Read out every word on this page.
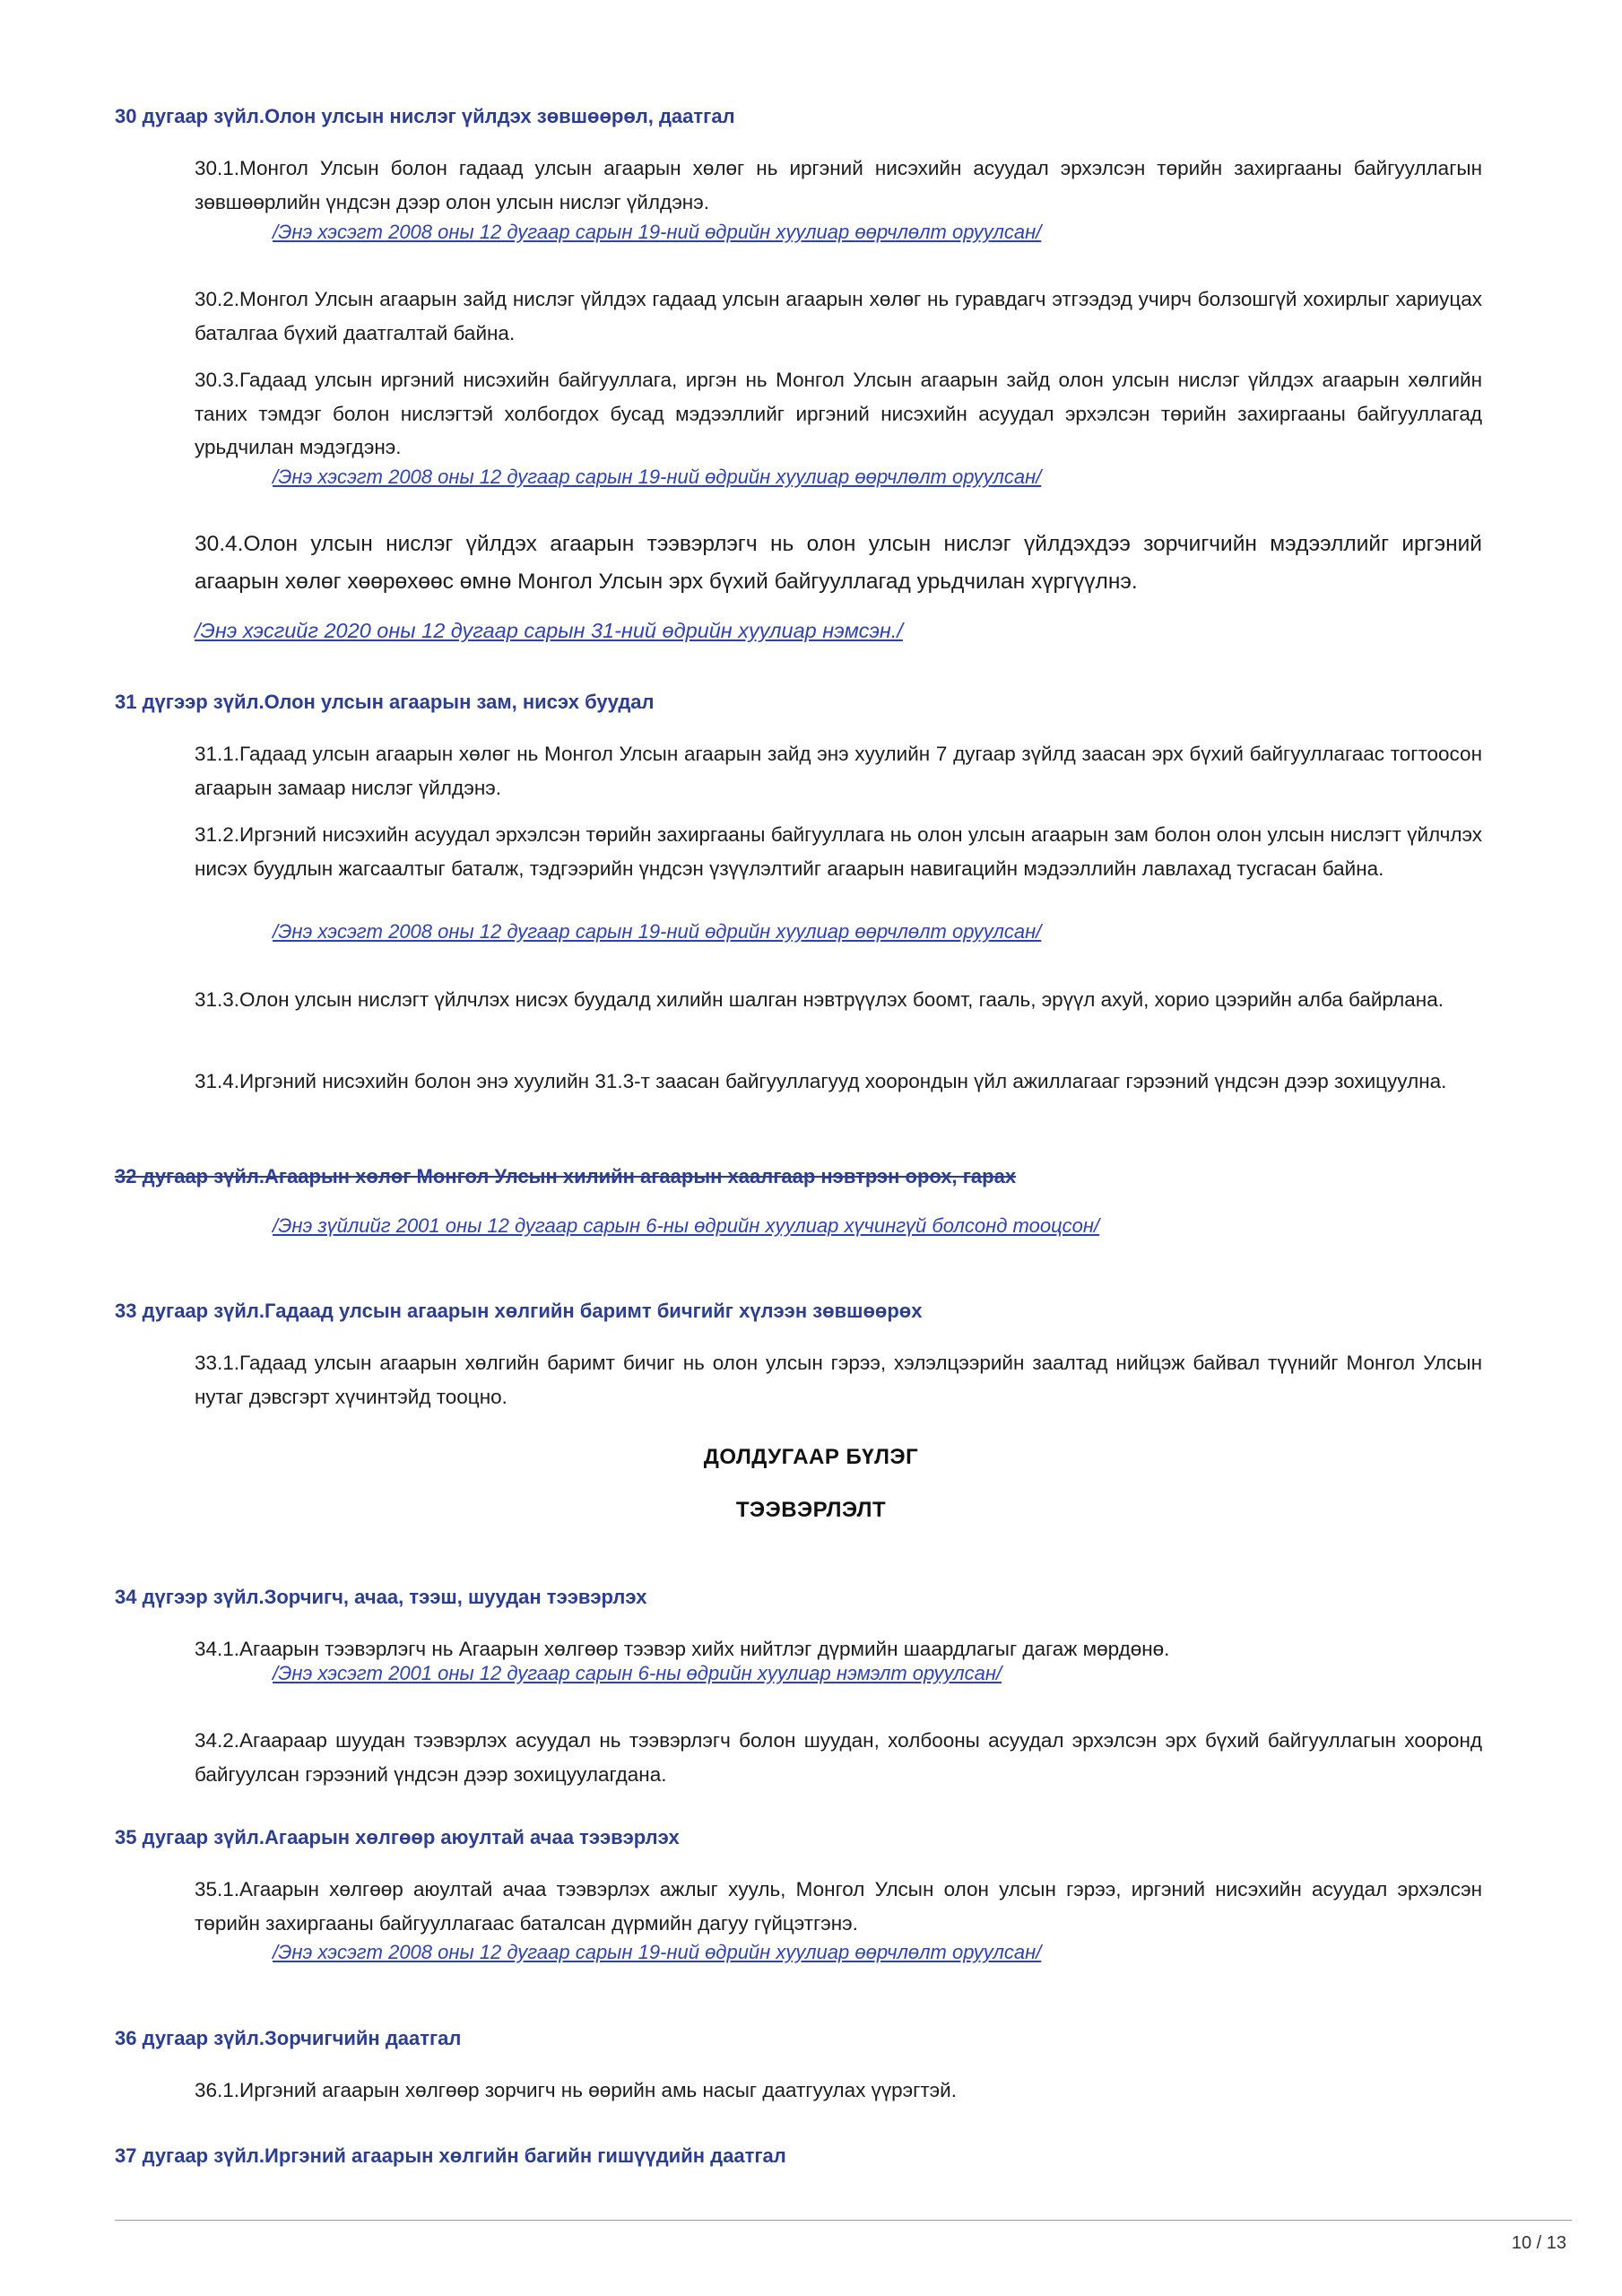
30 дугаар зүйл.Олон улсын нислэг үйлдэх зөвшөөрөл, даатгал

30.1.Монгол Улсын болон гадаад улсын агаарын хөлөг нь иргэний нисэхийн асуудал эрхэлсэн төрийн захиргааны байгууллагын зөвшөөрлийн үндсэн дээр олон улсын нислэг үйлдэнэ.

/Энэ хэсэгт 2008 оны 12 дугаар сарын 19-ний өдрийн хуулиар өөрчлөлт оруулсан/

30.2.Монгол Улсын агаарын зайд нислэг үйлдэх гадаад улсын агаарын хөлөг нь гуравдагч этгээдэд учирч болзошгүй хохирлыг хариуцах баталгаа бүхий даатгалтай байна.

30.3.Гадаад улсын иргэний нисэхийн байгууллага, иргэн нь Монгол Улсын агаарын зайд олон улсын нислэг үйлдэх агаарын хөлгийн таних тэмдэг болон нислэгтэй холбогдох бусад мэдээллийг иргэний нисэхийн асуудал эрхэлсэн төрийн захиргааны байгууллагад урьдчилан мэдэгдэнэ.

/Энэ хэсэгт 2008 оны 12 дугаар сарын 19-ний өдрийн хуулиар өөрчлөлт оруулсан/

30.4.Олон улсын нислэг үйлдэх агаарын тээвэрлэгч нь олон улсын нислэг үйлдэхдээ зорчигчийн мэдээллийг иргэний агаарын хөлөг хөөрөхөөс өмнө Монгол Улсын эрх бүхий байгууллагад урьдчилан хүргүүлнэ.

/Энэ хэсгийг 2020 оны 12 дугаар сарын 31-ний өдрийн хуулиар нэмсэн./
31 дүгээр зүйл.Олон улсын агаарын зам, нисэх буудал

31.1.Гадаад улсын агаарын хөлөг нь Монгол Улсын агаарын зайд энэ хуулийн 7 дугаар зүйлд заасан эрх бүхий байгууллагаас тогтоосон агаарын замаар нислэг үйлдэнэ.

31.2.Иргэний нисэхийн асуудал эрхэлсэн төрийн захиргааны байгууллага нь олон улсын агаарын зам болон олон улсын нислэгт үйлчлэх нисэх буудлын жагсаалтыг баталж, тэдгээрийн үндсэн үзүүлэлтийг агаарын навигацийн мэдээллийн лавлахад тусгасан байна.

/Энэ хэсэгт 2008 оны 12 дугаар сарын 19-ний өдрийн хуулиар өөрчлөлт оруулсан/

31.3.Олон улсын нислэгт үйлчлэх нисэх буудалд хилийн шалган нэвтрүүлэх боомт, гааль, эрүүл ахуй, хорио цээрийн алба байрлана.

31.4.Иргэний нисэхийн болон энэ хуулийн 31.3-т заасан байгууллагууд хоорондын үйл ажиллагааг гэрээний үндсэн дээр зохицуулна.

32 дугаар зүйл.Агаарын хөлөг Монгол Улсын хилийн агаарын хаалгаар нэвтрэн орох, гарах
/Энэ зүйлийг 2001 оны 12 дугаар сарын 6-ны өдрийн хуулиар хүчингүй болсонд тооцсон/
33 дугаар зүйл.Гадаад улсын агаарын хөлгийн баримт бичгийг хүлээн зөвшөөрөх

33.1.Гадаад улсын агаарын хөлгийн баримт бичиг нь олон улсын гэрээ, хэлэлцээрийн заалтад нийцэж байвал түүнийг Монгол Улсын нутаг дэвсгэрт хүчинтэйд тооцно.

ДОЛДУГААР БҮЛЭГ
ТЭЭВЭРЛЭЛТ
34 дүгээр зүйл.Зорчигч, ачаа, тээш, шуудан тээвэрлэх

34.1.Агаарын тээвэрлэгч нь Агаарын хөлгөөр тээвэр хийх нийтлэг дүрмийн шаардлагыг дагаж мөрдөнө.

/Энэ хэсэгт 2001 оны 12 дугаар сарын 6-ны өдрийн хуулиар нэмэлт оруулсан/

34.2.Агаараар шуудан тээвэрлэх асуудал нь тээвэрлэгч болон шуудан, холбооны асуудал эрхэлсэн эрх бүхий байгууллагын хооронд байгуулсан гэрээний үндсэн дээр зохицуулагдана.

35 дугаар зүйл.Агаарын хөлгөөр аюултай ачаа тээвэрлэх

35.1.Агаарын хөлгөөр аюултай ачаа тээвэрлэх ажлыг хууль, Монгол Улсын олон улсын гэрээ, иргэний нисэхийн асуудал эрхэлсэн төрийн захиргааны байгууллагаас баталсан дүрмийн дагуу гүйцэтгэнэ.

/Энэ хэсэгт 2008 оны 12 дугаар сарын 19-ний өдрийн хуулиар өөрчлөлт оруулсан/
36 дугаар зүйл.Зорчигчийн даатгал

36.1.Иргэний агаарын хөлгөөр зорчигч нь өөрийн амь насыг даатгуулах үүрэгтэй.

37 дугаар зүйл.Иргэний агаарын хөлгийн багийн гишүүдийн даатгал
10 / 13
